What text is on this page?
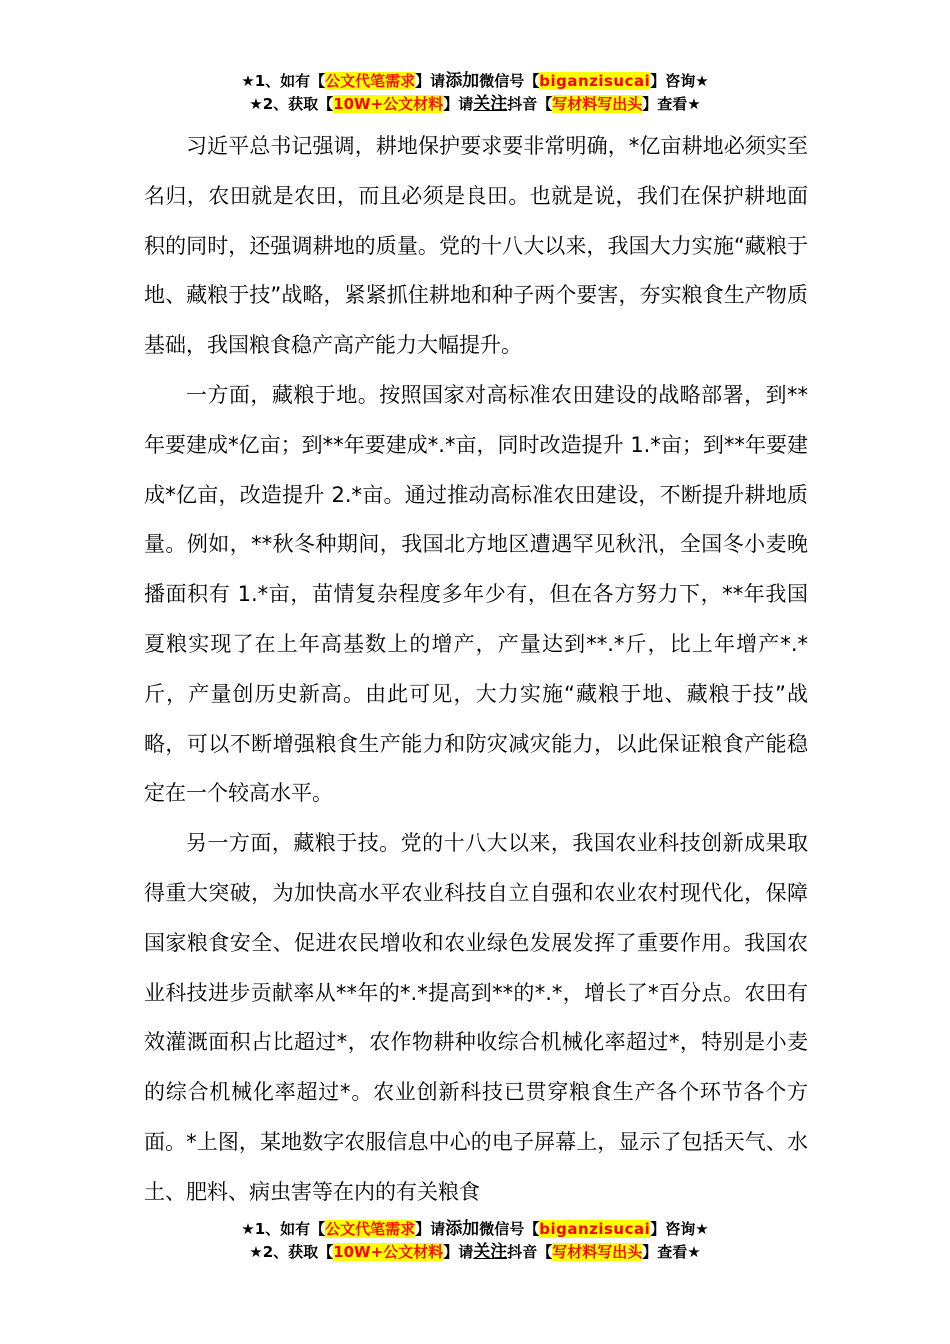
★1、如有【公文代笔需求】请添加微信号【biganzisucai】咨询★
★2、获取【10W+公文材料】请关注抖音【写材料写出头】查看★

习近平总书记强调，耕地保护要求要非常明确，*亿亩耕地必须实至名归，农田就是农田，而且必须是良田。也就是说，我们在保护耕地面积的同时，还强调耕地的质量。党的十八大以来，我国大力实施“藏粮于地、藏粮于技”战略，紧紧抓住耕地和种子两个要害，夯实粮食生产物质基础，我国粮食稳产高产能力大幅提升。

一方面，藏粮于地。按照国家对高标准农田建设的战略部署，到**年要建成*亿亩；到**年要建成*.*亩，同时改造提升 1.*亩；到**年要建成*亿亩，改造提升 2.*亩。通过推动高标准农田建设，不断提升耕地质量。例如，**秋冬种期间，我国北方地区遭遇罕见秋汛，全国冬小麦晚播面积有 1.*亩，苗情复杂程度多年少有，但在各方努力下，**年我国夏粮实现了在上年高基数上的增产，产量达到**.*斤，比上年增产*.*斤，产量创历史新高。由此可见，大力实施“藏粮于地、藏粮于技”战略，可以不断增强粮食生产能力和防灾减灾能力，以此保证粮食产能稳定在一个较高水平。

另一方面，藏粮于技。党的十八大以来，我国农业科技创新成果取得重大突破，为加快高水平农业科技自立自强和农业农村现代化，保障国家粮食安全、促进农民增收和农业绿色发展发挥了重要作用。我国农业科技进步贡献率从**年的*.*提高到**的*.*，增长了*百分点。农田有效灌溉面积占比超过*，农作物耕种收综合机械化率超过*，特别是小麦的综合机械化率超过*。农业创新科技已贯穿粮食生产各个环节各个方面。*上图，某地数字农服信息中心的电子屏幕上，显示了包括天气、水土、肥料、病虫害等在内的有关粮食

★1、如有【公文代笔需求】请添加微信号【biganzisucai】咨询★
★2、获取【10W+公文材料】请关注抖音【写材料写出头】查看★
